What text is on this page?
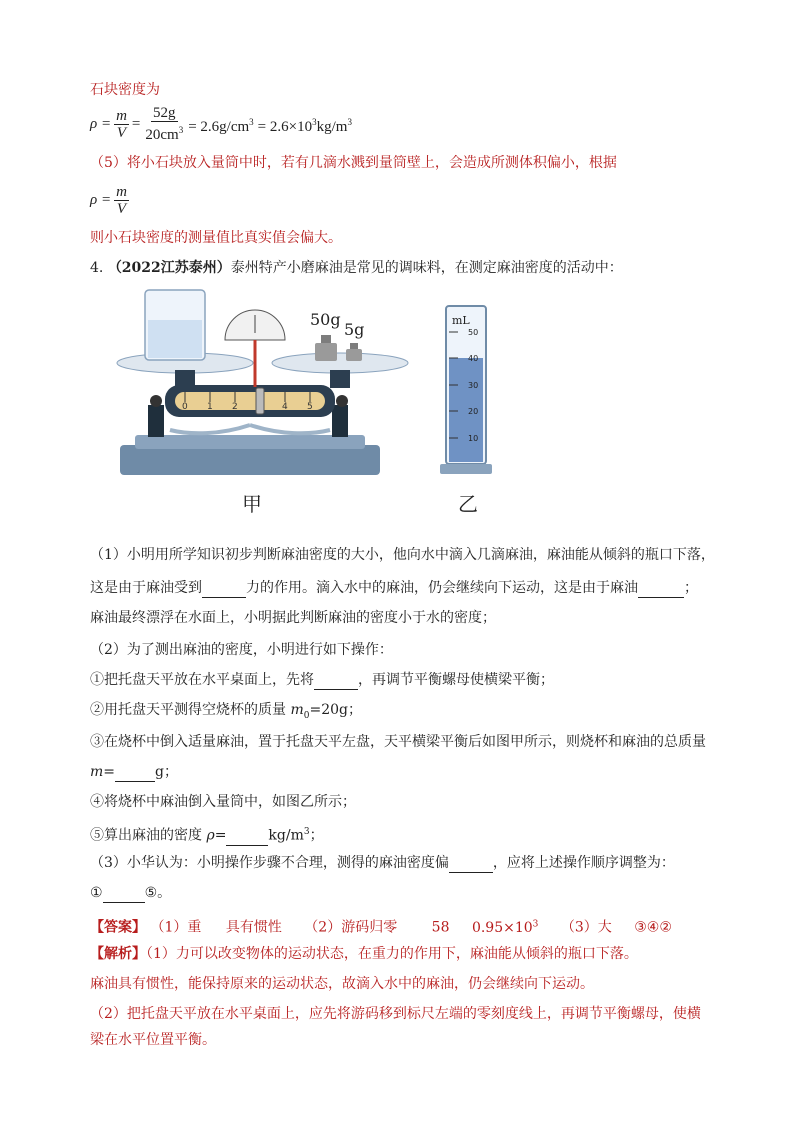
石块密度为
$\rho = \frac{m}{V} = \frac{52g}{20cm^3} = 2.6g/cm^3 = 2.6\times 10^3kg/m^3$
（5）将小石块放入量筒中时，若有几滴水溅到量筒壁上，会造成所测体积偏小，根据
$\rho = \frac{m}{V}$
则小石块密度的测量值比真实值会偏大。
4. （2022江苏泰州）泰州特产小磨麻油是常见的调味料，在测定麻油密度的活动中：
0 1 2	4 5
50g
5g	mL
50
40
30
20
10
甲	乙
（1）小明用所学知识初步判断麻油密度的大小，他向水中滴入几滴麻油，麻油能从倾斜的瓶口下落，
这是由于麻油受到	力的作用。滴入水中的麻油，仍会继续向下运动，这是由于麻油	；
麻油最终漂浮在水面上，小明据此判断麻油的密度小于水的密度；
（2）为了测出麻油的密度，小明进行如下操作：
①把托盘天平放在水平桌面上，先将	，再调节平衡螺母使横梁平衡；
②用托盘天平测得空烧杯的质量 $m_0=20g$；
③在烧杯中倒入适量麻油，置于托盘天平左盘，天平横梁平衡后如图甲所示，则烧杯和麻油的总质量
m=	g；
④将烧杯中麻油倒入量筒中，如图乙所示；
⑤算出麻油的密度 ρ=	$kg/m^3$；
（3）小华认为：小明操作步骤不合理，测得的麻油密度偏	，应将上述操作顺序调整为：
①	⑤。
【答案】 （1）重 具有惯性 （2）游码归零 58 $0.95\times 10^3$ （3）大 ③④②
【解析】（1）力可以改变物体的运动状态，在重力的作用下，麻油能从倾斜的瓶口下落。
麻油具有惯性，能保持原来的运动状态，故滴入水中的麻油，仍会继续向下运动。
（2）把托盘天平放在水平桌面上，应先将游码移到标尺左端的零刻度线上，再调节平衡螺母，使横
梁在水平位置平衡。
